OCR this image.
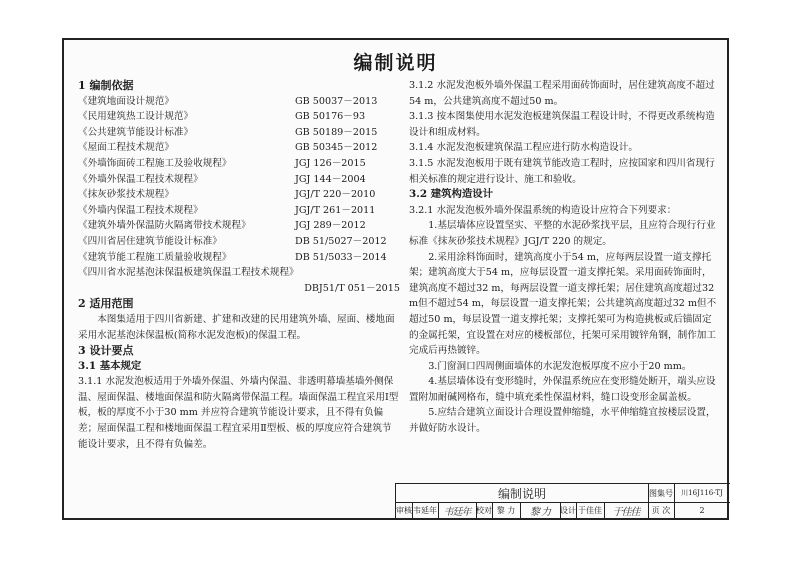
编制说明
1 编制依据
《建筑地面设计规范》	GB 50037－2013
《民用建筑热工设计规范》	GB 50176－93
《公共建筑节能设计标准》	GB 50189－2015
《屋面工程技术规范》	GB 50345－2012
《外墙饰面砖工程施工及验收规程》	JGJ 126－2015
《外墙外保温工程技术规程》	JGJ 144－2004
《抹灰砂浆技术规程》	JGJ/T 220－2010
《外墙内保温工程技术规程》	JGJ/T 261－2011
《建筑外墙外保温防火隔离带技术规程》	JGJ 289－2012
《四川省居住建筑节能设计标准》	DB 51/5027－2012
《建筑节能工程施工质量验收规程》	DB 51/5033－2014
《四川省水泥基泡沫保温板建筑保温工程技术规程》
DBJ51/T 051－2015
2 适用范围

本图集适用于四川省新建、扩建和改建的民用建筑外墙、屋面、楼地面采用水泥基泡沫保温板(简称水泥发泡板)的保温工程。

3 设计要点
3.1 基本规定

3.1.1 水泥发泡板适用于外墙外保温、外墙内保温、非透明幕墙基墙外侧保温、屋面保温、楼地面保温和防火隔离带保温工程。墙面保温工程宜采用Ⅰ型板，板的厚度不小于30 mm 并应符合建筑节能设计要求，且不得有负偏差；屋面保温工程和楼地面保温工程宜采用Ⅱ型板、板的厚度应符合建筑节能设计要求，且不得有负偏差。

3.1.2 水泥发泡板外墙外保温工程采用面砖饰面时，居住建筑高度不超过54 m，公共建筑高度不超过50 m。

3.1.3 按本图集使用水泥发泡板建筑保温工程设计时，不得更改系统构造设计和组成材料。

3.1.4 水泥发泡板建筑保温工程应进行防水构造设计。

3.1.5 水泥发泡板用于既有建筑节能改造工程时，应按国家和四川省现行相关标准的规定进行设计、施工和验收。

3.2 建筑构造设计

3.2.1 水泥发泡板外墙外保温系统的构造设计应符合下列要求：

1.基层墙体应设置坚实、平整的水泥砂浆找平层，且应符合现行行业标准《抹灰砂浆技术规程》JGJ/T 220 的规定。

2.采用涂料饰面时，建筑高度小于54 m，应每两层设置一道支撑托架；建筑高度大于54 m，应每层设置一道支撑托架。采用面砖饰面时，建筑高度不超过32 m，每两层设置一道支撑托架；居住建筑高度超过32 m但不超过54 m，每层设置一道支撑托架；公共建筑高度超过32 m但不超过50 m，每层设置一道支撑托架；支撑托架可为构造挑板或后锚固定的金属托架，宜设置在对应的楼板部位，托架可采用镀锌角钢，制作加工完成后再热镀锌。

3.门窗洞口四周侧面墙体的水泥发泡板厚度不应小于20 mm。

4.基层墙体设有变形缝时，外保温系统应在变形缝处断开，端头应设置附加耐碱网格布，缝中填充柔性保温材料，缝口设变形金属盖板。

5.应结合建筑立面设计合理设置伸缩缝，水平伸缩缝宜按楼层设置，并做好防水设计。

编制说明	图集号	川16J116-TJ
审核 韦延年 韦廷年 校对 黎 力	黎 力	设计 于佳佳	于佳佳	页 次	2
